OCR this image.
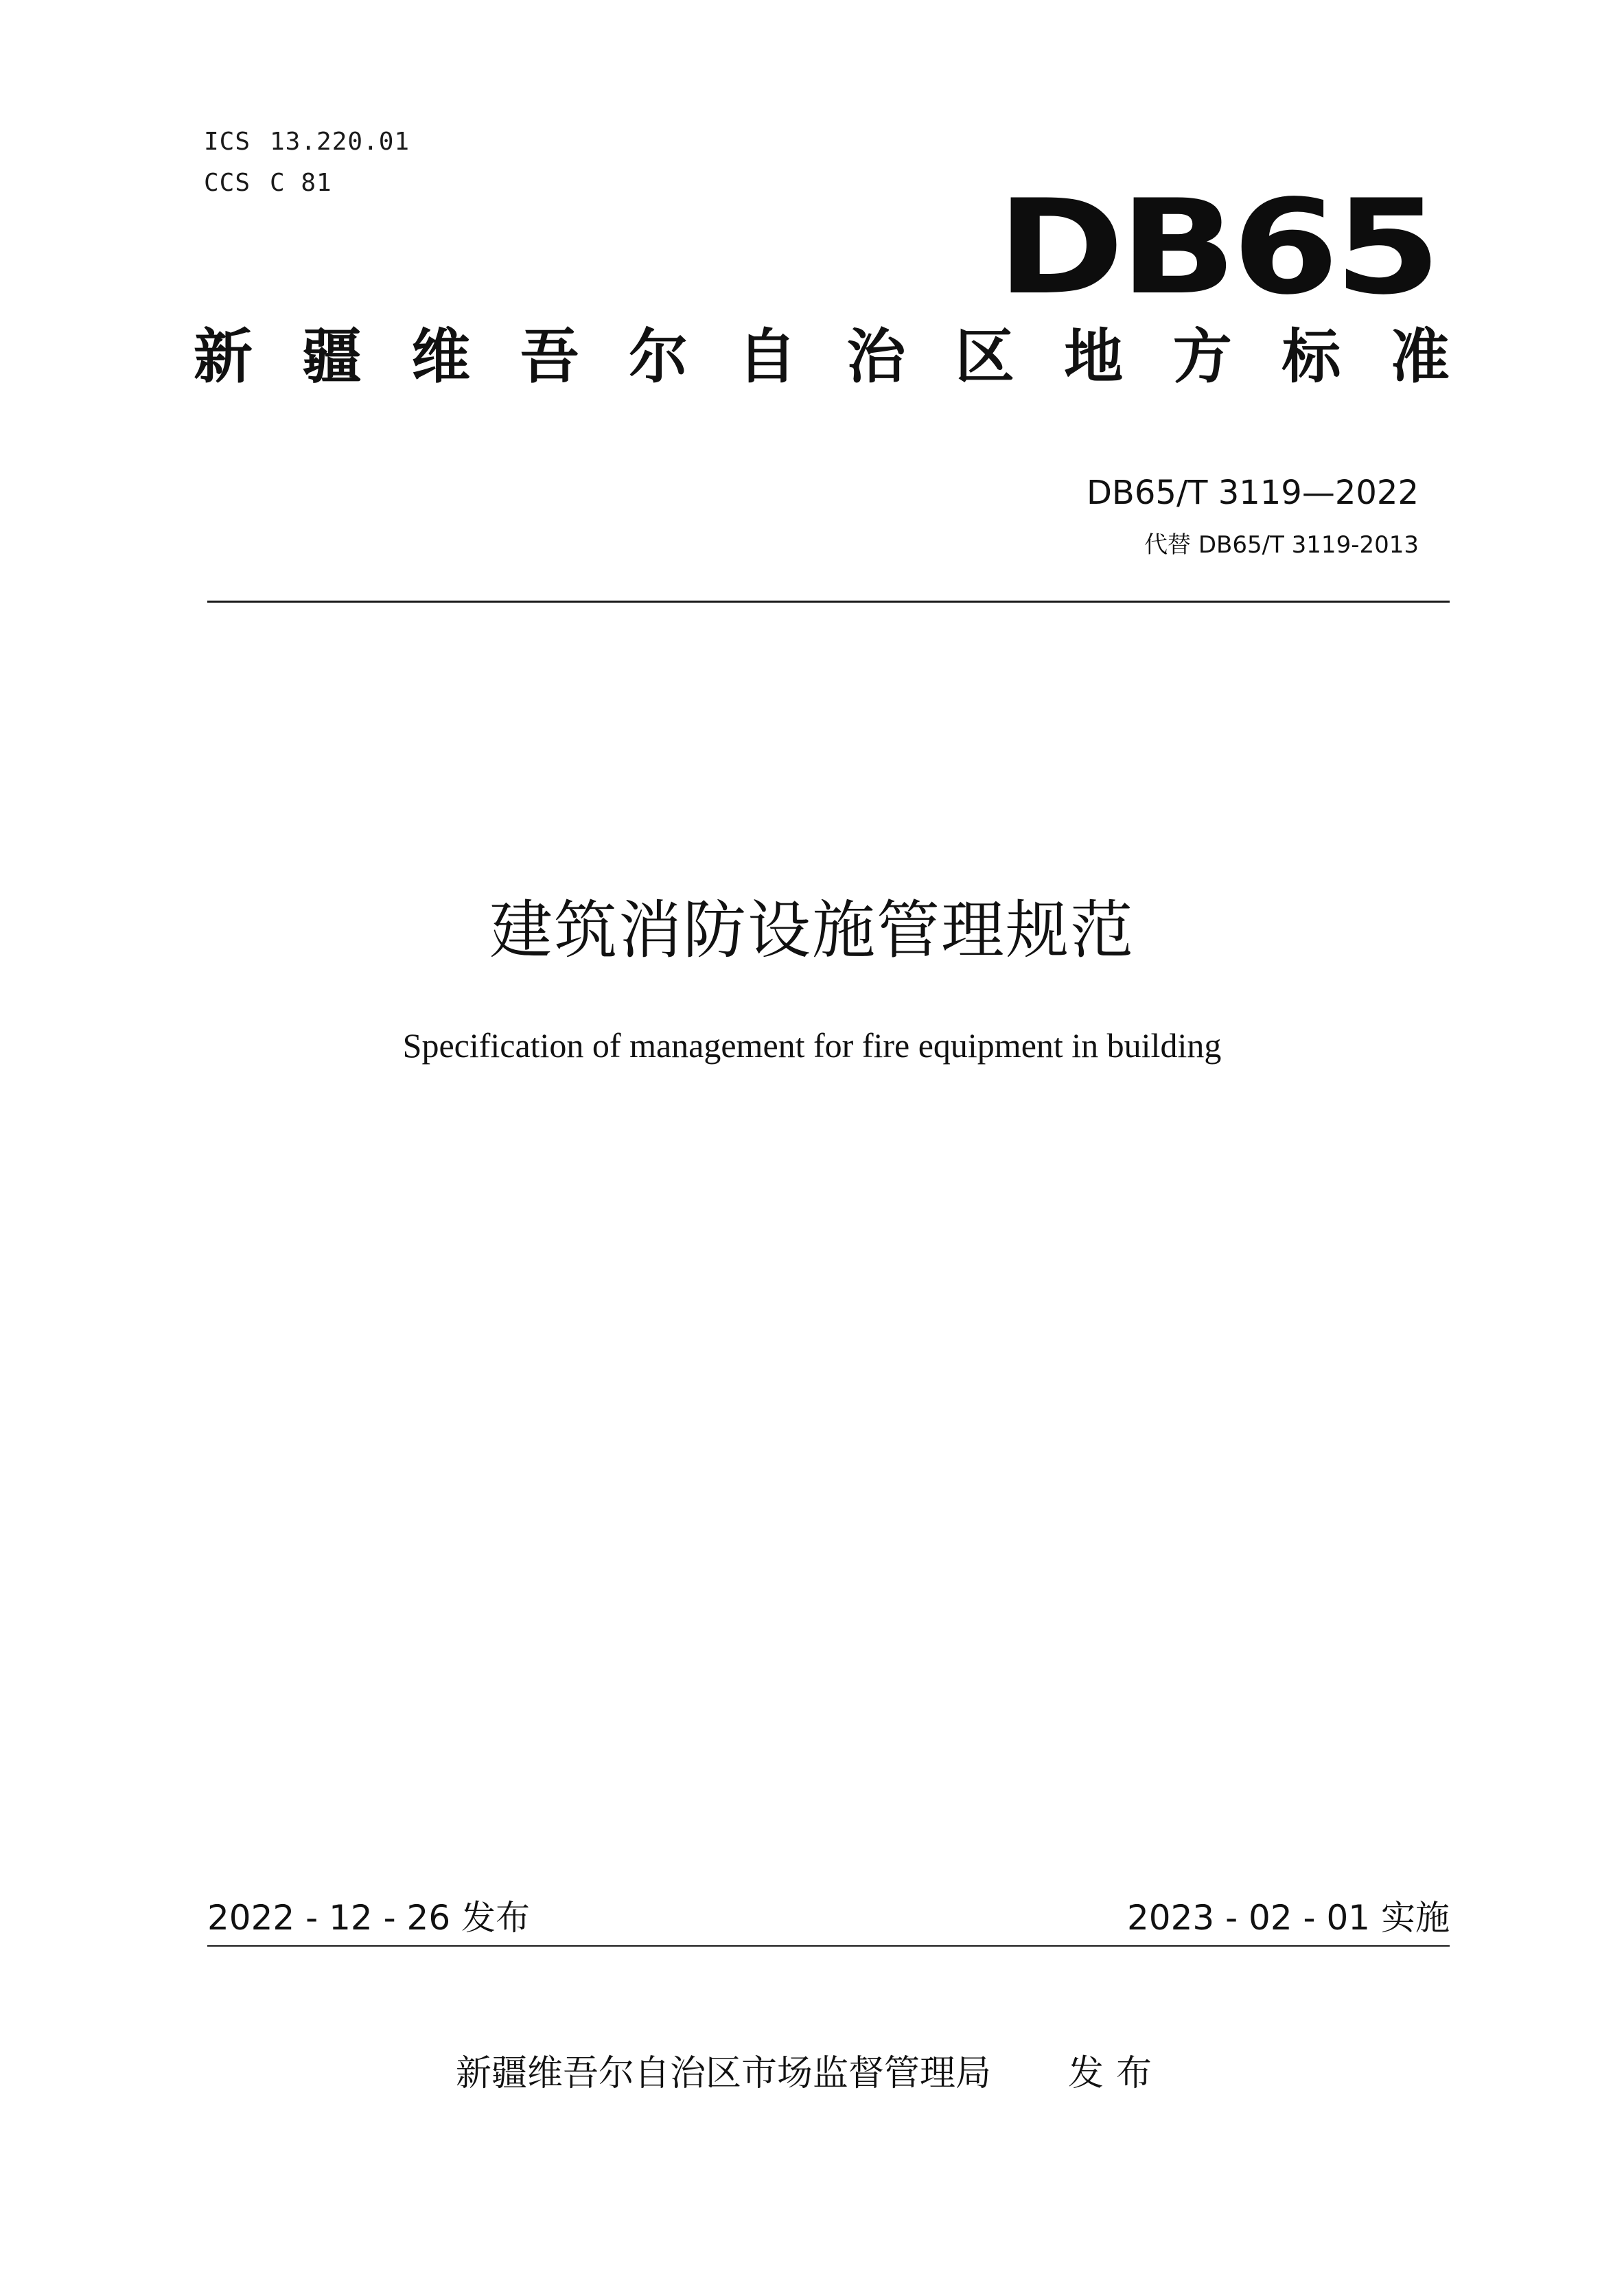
ICS 13.220.01
CCS C 81	DB65
新 疆 维 吾 尔 自 治 区 地 方 标 准
DB65/T 3119—2022
代替 DB65/T 3119-2013
建筑消防设施管理规范
Specification of management for fire equipment in building
2022 - 12 - 26 发布	2023 - 02 - 01 实施
新疆维吾尔自治区市场监督管理局 发布
